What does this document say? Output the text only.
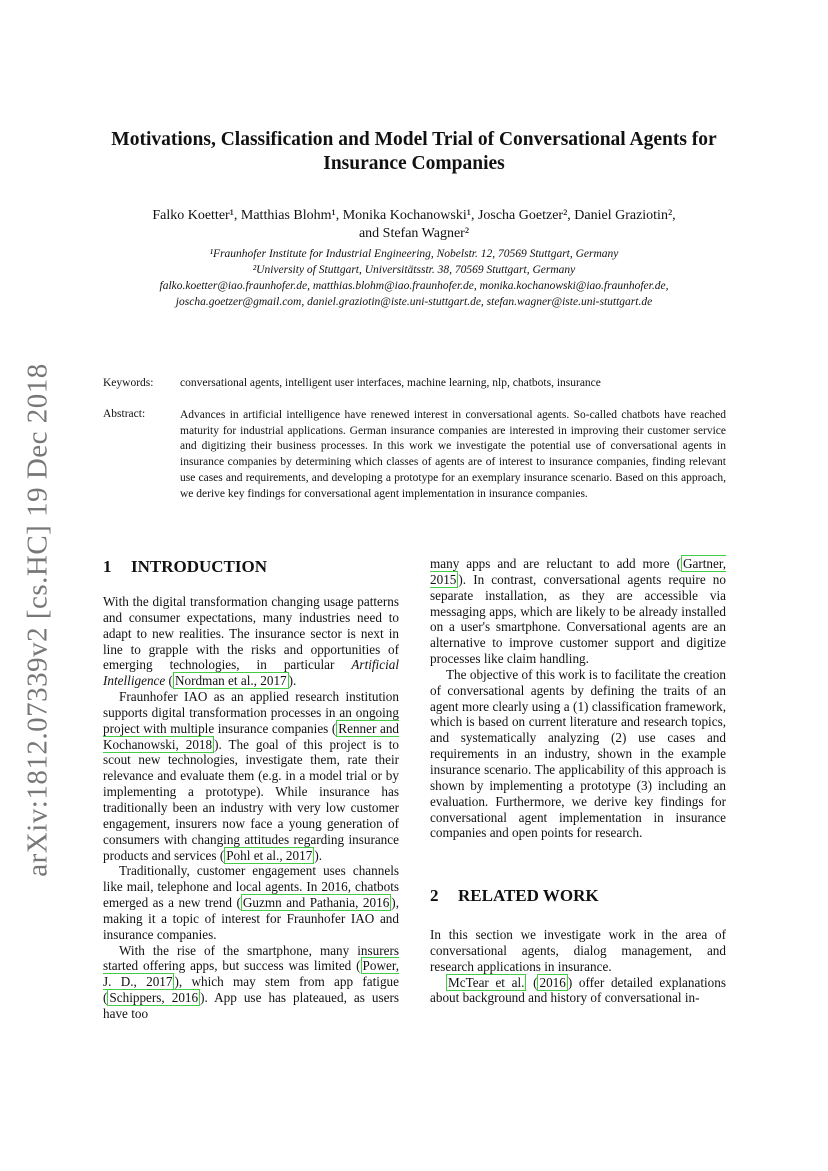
arXiv:1812.07339v2 [cs.HC] 19 Dec 2018
Motivations, Classification and Model Trial of Conversational Agents for Insurance Companies
Falko Koetter¹, Matthias Blohm¹, Monika Kochanowski¹, Joscha Goetzer², Daniel Graziotin²,
and Stefan Wagner²
¹Fraunhofer Institute for Industrial Engineering, Nobelstr. 12, 70569 Stuttgart, Germany
²University of Stuttgart, Universitätsstr. 38, 70569 Stuttgart, Germany
falko.koetter@iao.fraunhofer.de, matthias.blohm@iao.fraunhofer.de, monika.kochanowski@iao.fraunhofer.de,
joscha.goetzer@gmail.com, daniel.graziotin@iste.uni-stuttgart.de, stefan.wagner@iste.uni-stuttgart.de
Keywords: conversational agents, intelligent user interfaces, machine learning, nlp, chatbots, insurance
Abstract:	Advances in artificial intelligence have renewed interest in conversational agents. So-called chatbots have reached maturity for industrial applications. German insurance companies are interested in improving their customer service and digitizing their business processes. In this work we investigate the potential use of conversational agents in insurance companies by determining which classes of agents are of interest to insurance companies, finding relevant use cases and requirements, and developing a prototype for an exemplary insurance scenario. Based on this approach, we derive key findings for conversational agent implementation in insurance companies.
1 INTRODUCTION

With the digital transformation changing usage patterns and consumer expectations, many industries need to adapt to new realities. The insurance sector is next in line to grapple with the risks and opportunities of emerging technologies, in particular Artificial Intelligence ( Nordman et al., 2017 ).

Fraunhofer IAO as an applied research institution supports digital transformation processes in an ongoing project with multiple insurance companies ( Renner and Kochanowski, 2018 ). The goal of this project is to scout new technologies, investigate them, rate their relevance and evaluate them (e.g. in a model trial or by implementing a prototype). While insurance has traditionally been an industry with very low customer engagement, insurers now face a young generation of consumers with changing attitudes regarding insurance products and services ( Pohl et al., 2017 ).

Traditionally, customer engagement uses channels like mail, telephone and local agents. In 2016, chatbots emerged as a new trend ( Guzmn and Pathania, 2016 ), making it a topic of interest for Fraunhofer IAO and insurance companies.

With the rise of the smartphone, many insurers started offering apps, but success was limited ( Power, J. D., 2017 ), which may stem from app fatigue ( Schippers, 2016 ). App use has plateaued, as users have too

many apps and are reluctant to add more ( Gartner, 2015 ). In contrast, conversational agents require no separate installation, as they are accessible via messaging apps, which are likely to be already installed on a user's smartphone. Conversational agents are an alternative to improve customer support and digitize processes like claim handling.

The objective of this work is to facilitate the creation of conversational agents by defining the traits of an agent more clearly using a (1) classification framework, which is based on current literature and research topics, and systematically analyzing (2) use cases and requirements in an industry, shown in the example insurance scenario. The applicability of this approach is shown by implementing a prototype (3) including an evaluation. Furthermore, we derive key findings for conversational agent implementation in insurance companies and open points for research.

2 RELATED WORK

In this section we investigate work in the area of conversational agents, dialog management, and research applications in insurance.

McTear et al. ( 2016 ) offer detailed explanations about background and history of conversational in-
